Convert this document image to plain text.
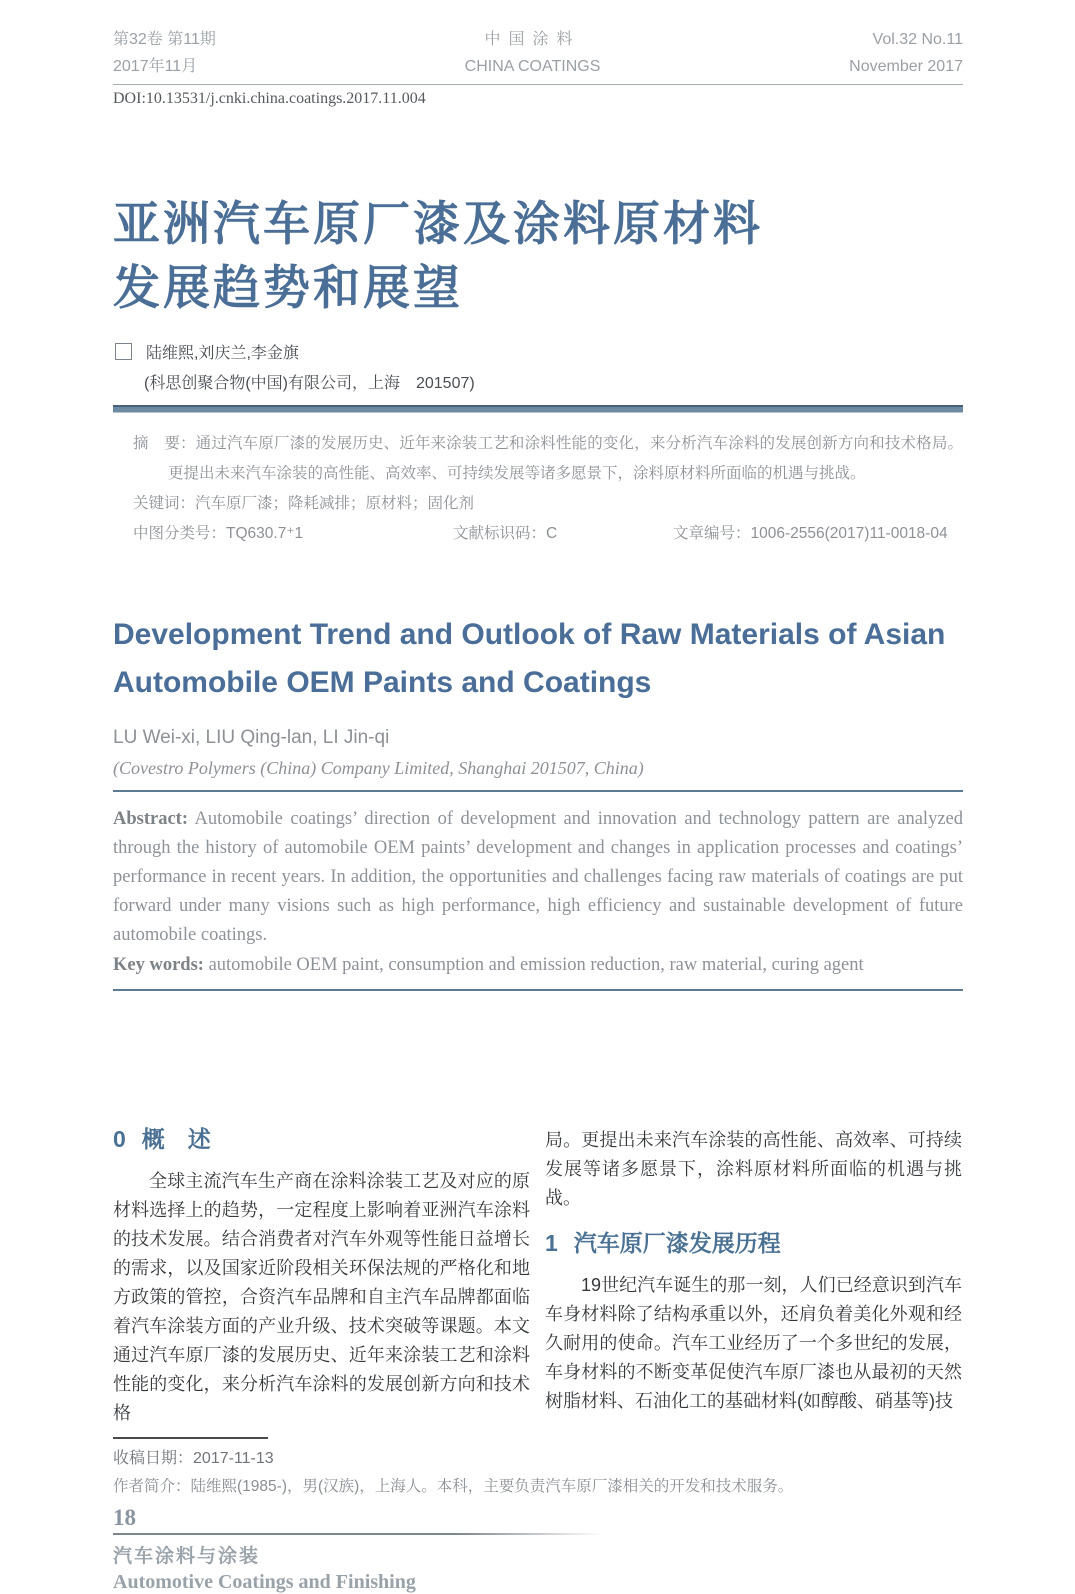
第32卷 第11期
2017年11月
中国涂料
CHINA COATINGS
Vol.32 No.11
November 2017
DOI:10.13531/j.cnki.china.coatings.2017.11.004
亚洲汽车原厂漆及涂料原材料
发展趋势和展望
陆维熙,刘庆兰,李金旗
(科思创聚合物(中国)有限公司，上海　201507)

摘　要：通过汽车原厂漆的发展历史、近年来涂装工艺和涂料性能的变化，来分析汽车涂料的发展创新方向和技术格局。更提出未来汽车涂装的高性能、高效率、可持续发展等诸多愿景下，涂料原材料所面临的机遇与挑战。

关键词：汽车原厂漆；降耗减排；原材料；固化剂

中图分类号：TQ630.7⁺1	文献标识码：C	文章编号：1006-2556(2017)11-0018-04

Development Trend and Outlook of Raw Materials of Asian Automobile OEM Paints and Coatings
LU Wei-xi, LIU Qing-lan, LI Jin-qi
(Covestro Polymers (China) Company Limited, Shanghai 201507, China)
Abstract: Automobile coatings’ direction of development and innovation and technology pattern are analyzed through the history of automobile OEM paints’ development and changes in application processes and coatings’ performance in recent years. In addition, the opportunities and challenges facing raw materials of coatings are put forward under many visions such as high performance, high efficiency and sustainable development of future automobile coatings.
Key words: automobile OEM paint, consumption and emission reduction, raw material, curing agent
0 概　述

全球主流汽车生产商在涂料涂装工艺及对应的原材料选择上的趋势，一定程度上影响着亚洲汽车涂料的技术发展。结合消费者对汽车外观等性能日益增长的需求，以及国家近阶段相关环保法规的严格化和地方政策的管控，合资汽车品牌和自主汽车品牌都面临着汽车涂装方面的产业升级、技术突破等课题。本文通过汽车原厂漆的发展历史、近年来涂装工艺和涂料性能的变化，来分析汽车涂料的发展创新方向和技术格

局。更提出未来汽车涂装的高性能、高效率、可持续发展等诸多愿景下，涂料原材料所面临的机遇与挑战。

1 汽车原厂漆发展历程

19世纪汽车诞生的那一刻，人们已经意识到汽车车身材料除了结构承重以外，还肩负着美化外观和经久耐用的使命。汽车工业经历了一个多世纪的发展，车身材料的不断变革促使汽车原厂漆也从最初的天然树脂材料、石油化工的基础材料(如醇酸、硝基等)技

收稿日期：2017-11-13
作者简介：陆维熙(1985-)，男(汉族)，上海人。本科，主要负责汽车原厂漆相关的开发和技术服务。
18
汽车涂料与涂装
Automotive Coatings and Finishing
